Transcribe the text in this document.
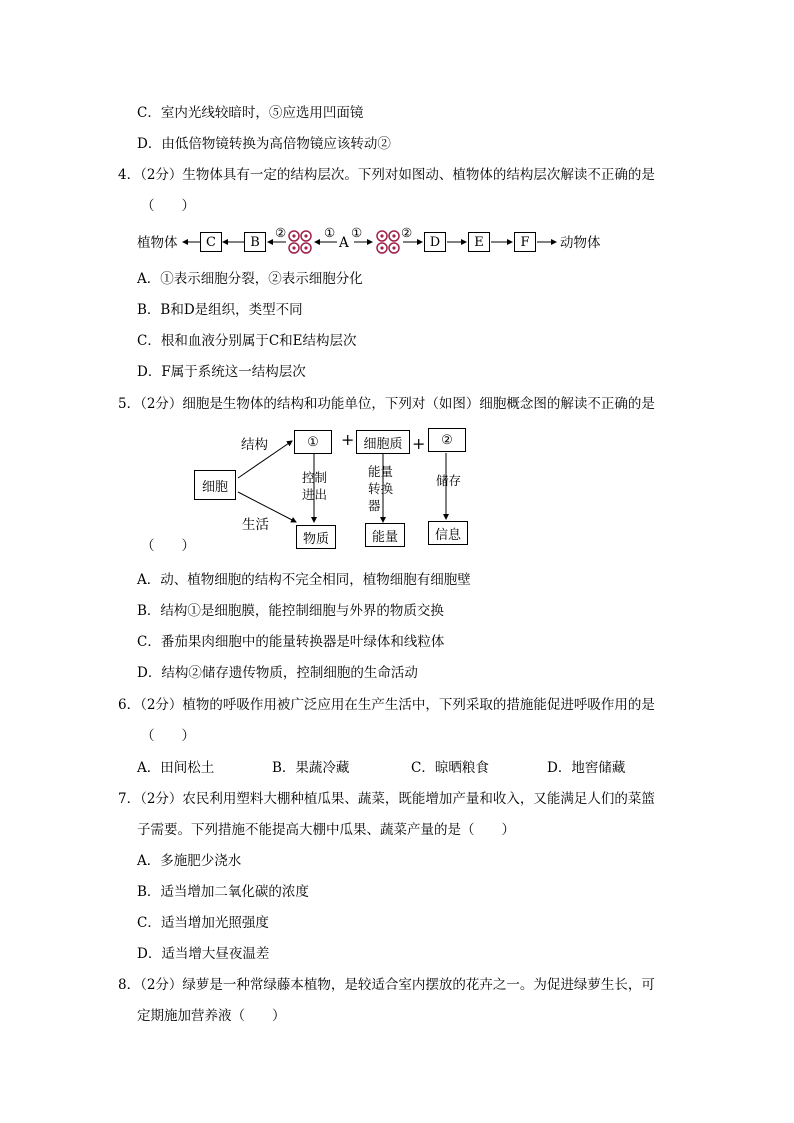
C．室内光线较暗时，⑤应选用凹面镜
D．由低倍物镜转换为高倍物镜应该转动②
4．（2分）生物体具有一定的结构层次。下列对如图动、植物体的结构层次解读不正确的是
（　　）
植物体	C	B
②	①
A
①	②
D	E	F	动物体
A．①表示细胞分裂，②表示细胞分化
B．B和D是组织，类型不同
C．根和血液分别属于C和E结构层次
D．F属于系统这一结构层次
5．（2分）细胞是生物体的结构和功能单位，下列对（如图）细胞概念图的解读不正确的是
细胞
结构
生活
①	+ 细胞质 +	②
控制
进出
能量
转换
器
储存
物质	能量	信息
（　　）
A．动、植物细胞的结构不完全相同，植物细胞有细胞壁
B．结构①是细胞膜，能控制细胞与外界的物质交换
C．番茄果肉细胞中的能量转换器是叶绿体和线粒体
D．结构②储存遗传物质，控制细胞的生命活动
6．（2分）植物的呼吸作用被广泛应用在生产生活中，下列采取的措施能促进呼吸作用的是
（　　）
A．田间松土	B．果蔬冷藏	C．晾晒粮食	D．地窖储藏
7．（2分）农民利用塑料大棚种植瓜果、蔬菜，既能增加产量和收入，又能满足人们的菜篮
子需要。下列措施不能提高大棚中瓜果、蔬菜产量的是（　　）
A．多施肥少浇水
B．适当增加二氧化碳的浓度
C．适当增加光照强度
D．适当增大昼夜温差
8．（2分）绿萝是一种常绿藤本植物，是较适合室内摆放的花卉之一。为促进绿萝生长，可
定期施加营养液（　　）
